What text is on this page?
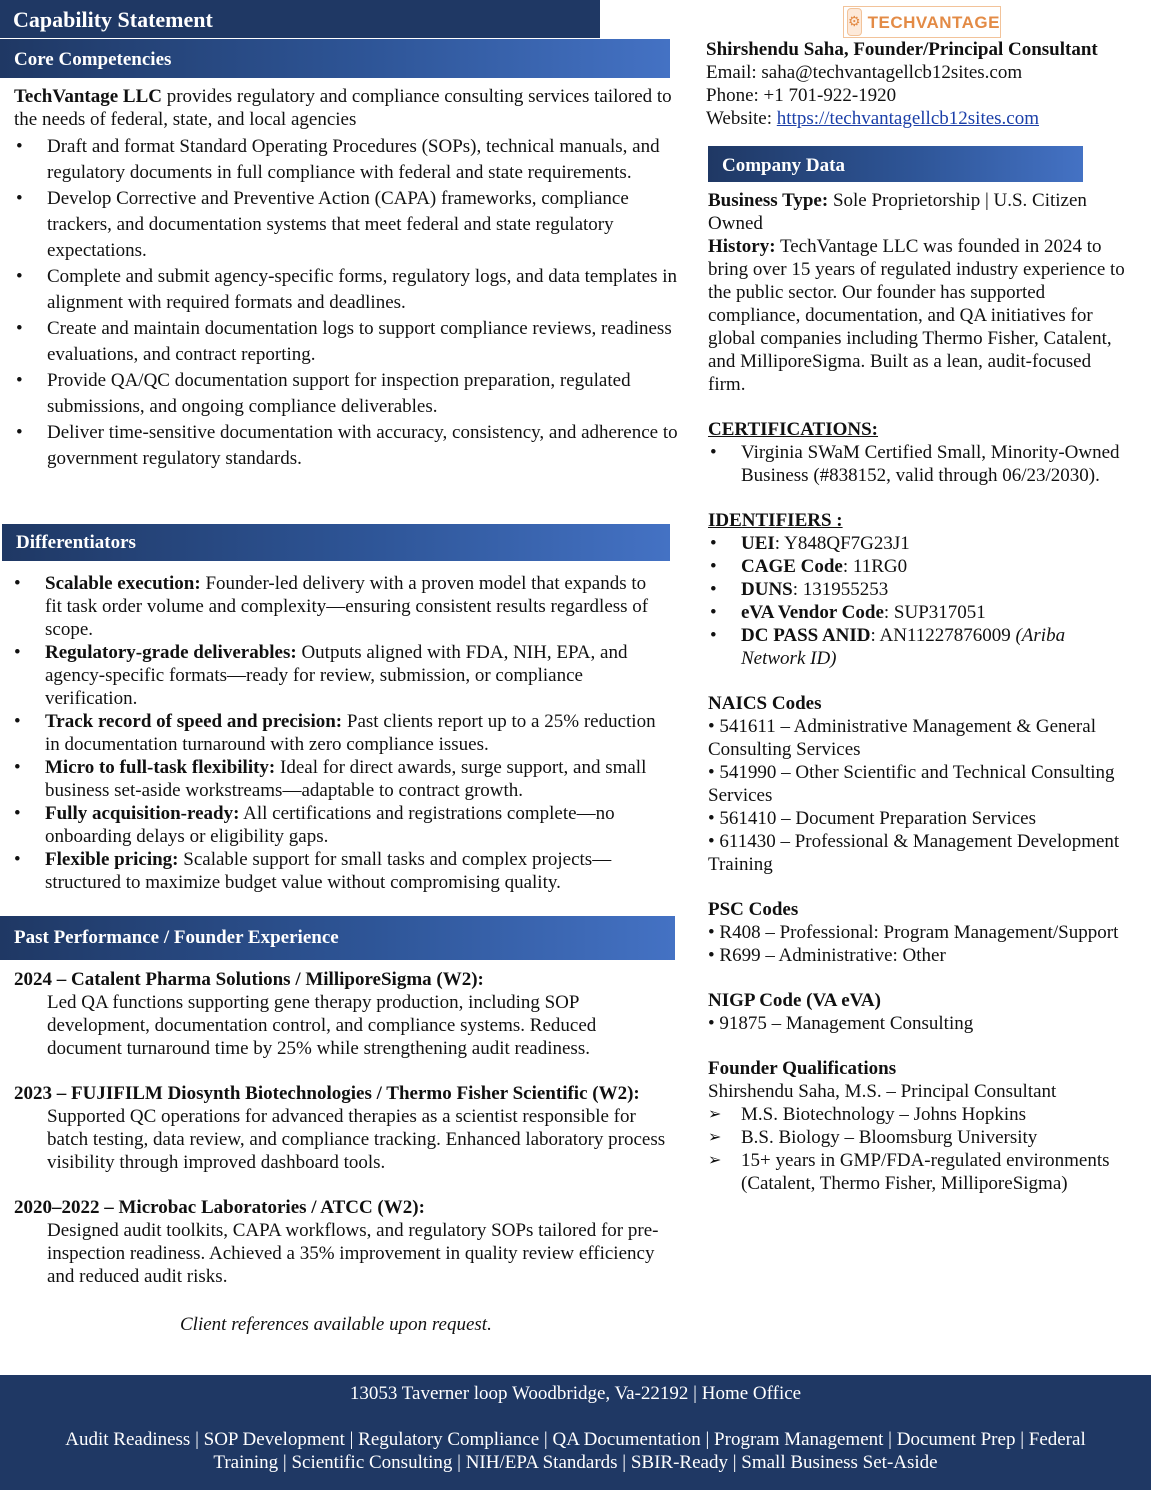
Capability Statement	⚙ TECHVANTAGE
Shirshendu Saha, Founder/Principal Consultant
Email: saha@techvantagellcb12sites.com
Phone: +1 701-922-1920
Website: https://techvantagellcb12sites.com
Core Competencies
TechVantage LLC provides regulatory and compliance consulting services tailored to the needs of federal, state, and local agencies
• Draft and format Standard Operating Procedures (SOPs), technical manuals, and regulatory documents in full compliance with federal and state requirements.
• Develop Corrective and Preventive Action (CAPA) frameworks, compliance trackers, and documentation systems that meet federal and state regulatory expectations.
• Complete and submit agency-specific forms, regulatory logs, and data templates in alignment with required formats and deadlines.
• Create and maintain documentation logs to support compliance reviews, readiness evaluations, and contract reporting.
• Provide QA/QC documentation support for inspection preparation, regulated submissions, and ongoing compliance deliverables.
• Deliver time-sensitive documentation with accuracy, consistency, and adherence to government regulatory standards.
Differentiators
• Scalable execution: Founder-led delivery with a proven model that expands to fit task order volume and complexity—ensuring consistent results regardless of scope.
• Regulatory-grade deliverables: Outputs aligned with FDA, NIH, EPA, and agency-specific formats—ready for review, submission, or compliance verification.
• Track record of speed and precision: Past clients report up to a 25% reduction in documentation turnaround with zero compliance issues.
• Micro to full-task flexibility: Ideal for direct awards, surge support, and small business set-aside workstreams—adaptable to contract growth.
• Fully acquisition-ready: All certifications and registrations complete—no onboarding delays or eligibility gaps.
• Flexible pricing: Scalable support for small tasks and complex projects—structured to maximize budget value without compromising quality.
Past Performance / Founder Experience
2024 – Catalent Pharma Solutions / MilliporeSigma (W2):
Led QA functions supporting gene therapy production, including SOP development, documentation control, and compliance systems. Reduced document turnaround time by 25% while strengthening audit readiness.
2023 – FUJIFILM Diosynth Biotechnologies / Thermo Fisher Scientific (W2):
Supported QC operations for advanced therapies as a scientist responsible for batch testing, data review, and compliance tracking. Enhanced laboratory process visibility through improved dashboard tools.
2020–2022 – Microbac Laboratories / ATCC (W2):
Designed audit toolkits, CAPA workflows, and regulatory SOPs tailored for pre-inspection readiness. Achieved a 35% improvement in quality review efficiency and reduced audit risks.
Client references available upon request.
Company Data
Business Type: Sole Proprietorship | U.S. Citizen Owned
History: TechVantage LLC was founded in 2024 to bring over 15 years of regulated industry experience to the public sector. Our founder has supported compliance, documentation, and QA initiatives for global companies including Thermo Fisher, Catalent, and MilliporeSigma. Built as a lean, audit-focused firm.
CERTIFICATIONS:
• Virginia SWaM Certified Small, Minority-Owned Business (#838152, valid through 06/23/2030).
IDENTIFIERS :
• UEI: Y848QF7G23J1
• CAGE Code: 11RG0
• DUNS: 131955253
• eVA Vendor Code: SUP317051
• DC PASS ANID: AN11227876009 (Ariba Network ID)
NAICS Codes
• 541611 – Administrative Management & General Consulting Services
• 541990 – Other Scientific and Technical Consulting Services
• 561410 – Document Preparation Services
• 611430 – Professional & Management Development Training
PSC Codes
• R408 – Professional: Program Management/Support
• R699 – Administrative: Other
NIGP Code (VA eVA)
• 91875 – Management Consulting
Founder Qualifications
Shirshendu Saha, M.S. – Principal Consultant
➢ M.S. Biotechnology – Johns Hopkins
➢ B.S. Biology – Bloomsburg University
➢ 15+ years in GMP/FDA-regulated environments (Catalent, Thermo Fisher, MilliporeSigma)
13053 Taverner loop Woodbridge, Va-22192 | Home Office
Audit Readiness | SOP Development | Regulatory Compliance | QA Documentation | Program Management | Document Prep | Federal Training | Scientific Consulting | NIH/EPA Standards | SBIR-Ready | Small Business Set-Aside
